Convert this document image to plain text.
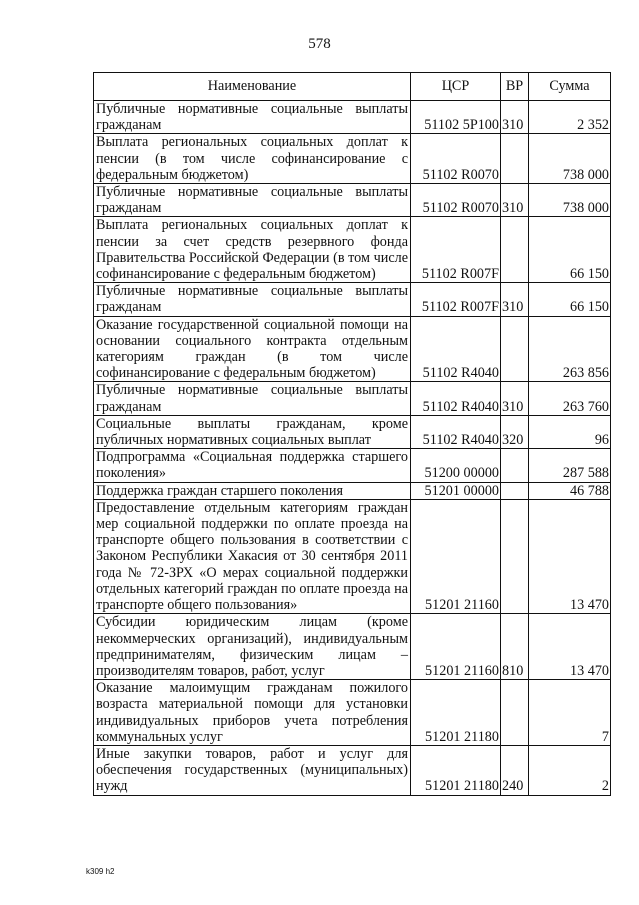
578
Наименование	ЦСР	ВР	Сумма
Публичные нормативные социальные выплаты гражданам	51102 5Р100	310	2 352
Выплата региональных социальных доплат к пенсии (в том числе софинансирование с федеральным бюджетом)	51102 R0070		738 000
Публичные нормативные социальные выплаты гражданам	51102 R0070	310	738 000
Выплата региональных социальных доплат к пенсии за счет средств резервного фонда Правительства Российской Федерации (в том числе софинансирование с федеральным бюджетом)	51102 R007F		66 150
Публичные нормативные социальные выплаты гражданам	51102 R007F	310	66 150
Оказание государственной социальной помощи на основании социального контракта отдельным категориям граждан (в том числе софинансирование с федеральным бюджетом)	51102 R4040		263 856
Публичные нормативные социальные выплаты гражданам	51102 R4040	310	263 760
Социальные выплаты гражданам, кроме публичных нормативных социальных выплат	51102 R4040	320	96
Подпрограмма «Социальная поддержка старшего поколения»	51200 00000		287 588
Поддержка граждан старшего поколения	51201 00000		46 788
Предоставление отдельным категориям граждан мер социальной поддержки по оплате проезда на транспорте общего пользования в соответствии с Законом Республики Хакасия от 30 сентября 2011 года № 72-ЗРХ «О мерах социальной поддержки отдельных категорий граждан по оплате проезда на транспорте общего пользования»	51201 21160		13 470
Субсидии юридическим лицам (кроме некоммерческих организаций), индивидуальным предпринимателям, физическим лицам – производителям товаров, работ, услуг	51201 21160	810	13 470
Оказание малоимущим гражданам пожилого возраста материальной помощи для установки индивидуальных приборов учета потребления коммунальных услуг	51201 21180		7
Иные закупки товаров, работ и услуг для обеспечения государственных (муниципальных) нужд	51201 21180	240	2
k309 h2
